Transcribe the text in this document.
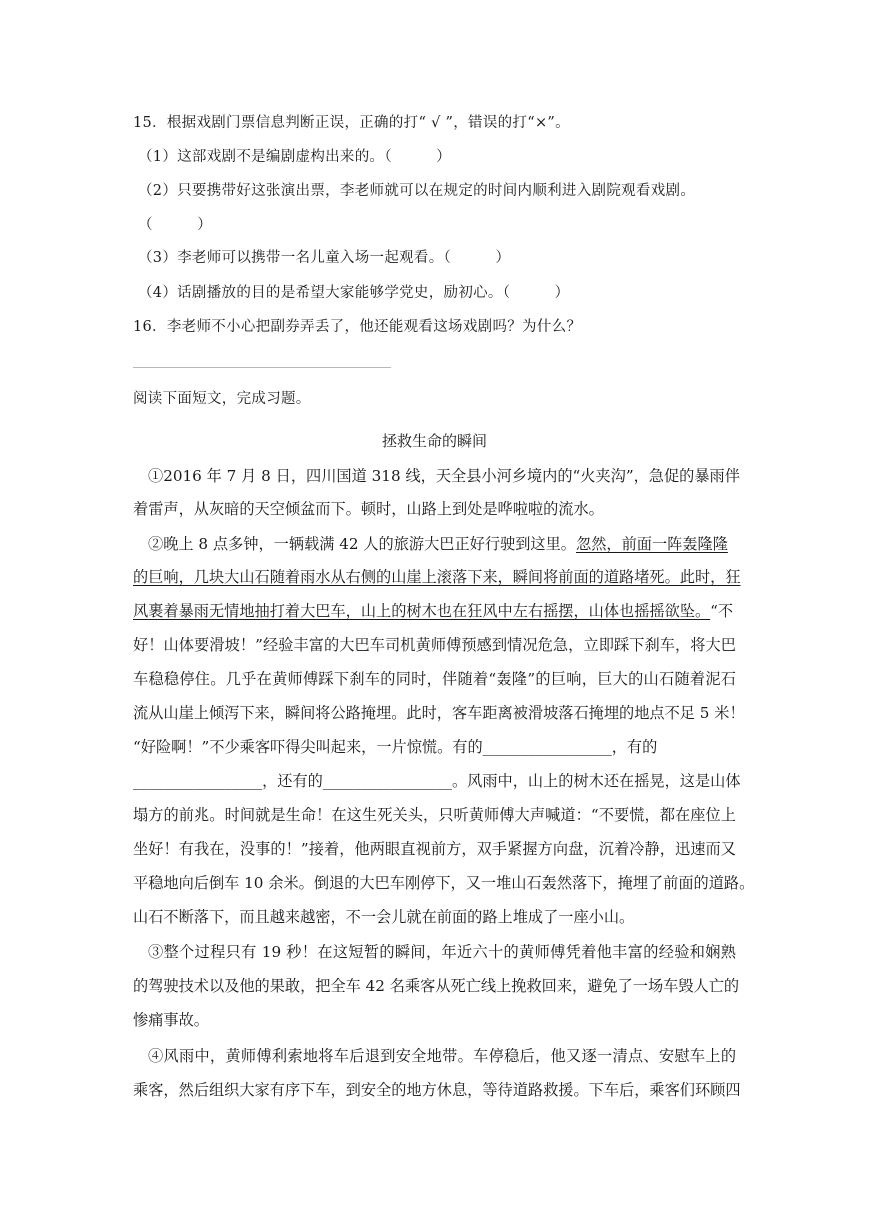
15．根据戏剧门票信息判断正误，正确的打“ √ ”，错误的打“×”。
（1）这部戏剧不是编剧虚构出来的。（　　　）
（2）只要携带好这张演出票，李老师就可以在规定的时间内顺利进入剧院观看戏剧。
（　　　）
（3）李老师可以携带一名儿童入场一起观看。（　　　）
（4）话剧播放的目的是希望大家能够学党史，励初心。（　　　）
16．李老师不小心把副券弄丢了，他还能观看这场戏剧吗？为什么？
阅读下面短文，完成习题。
拯救生命的瞬间
①2016 年 7 月 8 日，四川国道 318 线，天全县小河乡境内的“火夹沟”，急促的暴雨伴
着雷声，从灰暗的天空倾盆而下。顿时，山路上到处是哗啦啦的流水。
②晚上 8 点多钟，一辆载满 42 人的旅游大巴正好行驶到这里。忽然，前面一阵轰隆隆
的巨响，几块大山石随着雨水从右侧的山崖上滚落下来，瞬间将前面的道路堵死。此时，狂
风裹着暴雨无情地抽打着大巴车，山上的树木也在狂风中左右摇摆，山体也摇摇欲坠。“不
好！山体要滑坡！”经验丰富的大巴车司机黄师傅预感到情况危急，立即踩下刹车，将大巴
车稳稳停住。几乎在黄师傅踩下刹车的同时，伴随着“轰隆”的巨响，巨大的山石随着泥石
流从山崖上倾泻下来，瞬间将公路掩埋。此时，客车距离被滑坡落石掩埋的地点不足 5 米！
“好险啊！”不少乘客吓得尖叫起来，一片惊慌。有的_________________，有的
_________________，还有的_________________。风雨中，山上的树木还在摇晃，这是山体
塌方的前兆。时间就是生命！在这生死关头，只听黄师傅大声喊道：“不要慌，都在座位上
坐好！有我在，没事的！”接着，他两眼直视前方，双手紧握方向盘，沉着冷静，迅速而又
平稳地向后倒车 10 余米。倒退的大巴车刚停下，又一堆山石轰然落下，掩埋了前面的道路。
山石不断落下，而且越来越密，不一会儿就在前面的路上堆成了一座小山。
③整个过程只有 19 秒！在这短暂的瞬间，年近六十的黄师傅凭着他丰富的经验和娴熟
的驾驶技术以及他的果敢，把全车 42 名乘客从死亡线上挽救回来，避免了一场车毁人亡的
惨痛事故。
④风雨中，黄师傅利索地将车后退到安全地带。车停稳后，他又逐一清点、安慰车上的
乘客，然后组织大家有序下车，到安全的地方休息，等待道路救援。下车后，乘客们环顾四
